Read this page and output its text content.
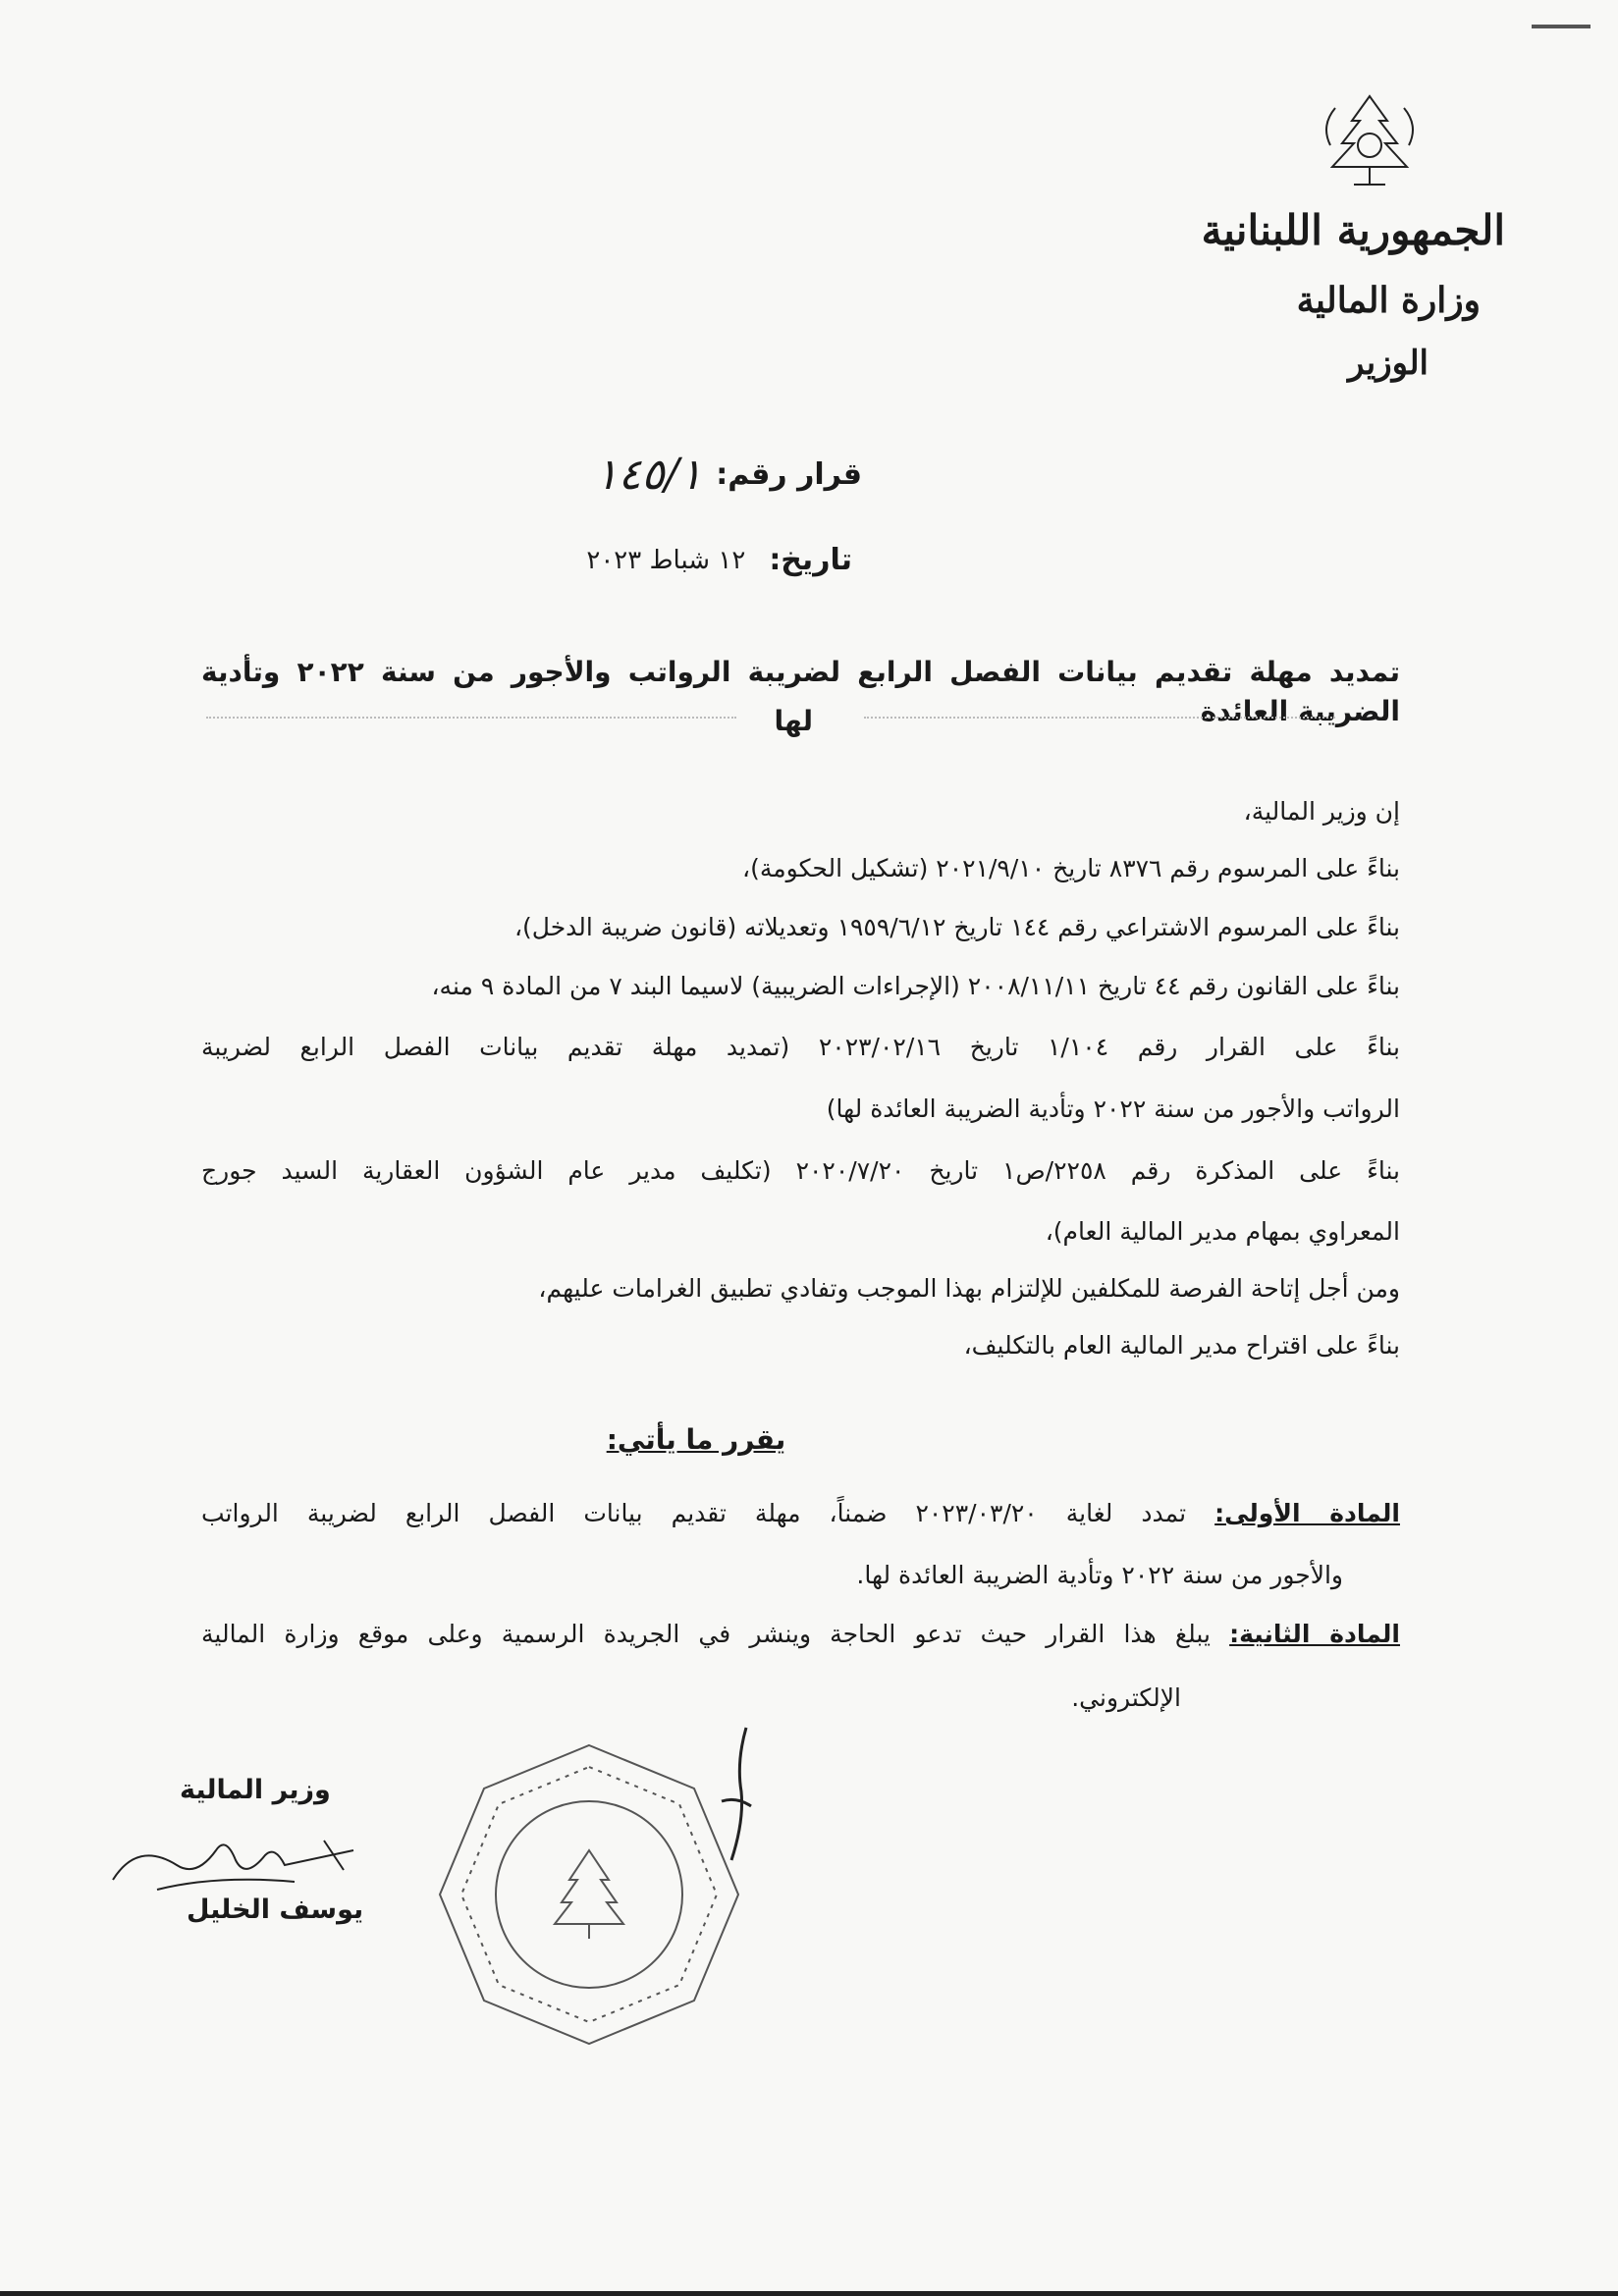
الجمهورية اللبنانية
وزارة المالية
الوزير
قرار رقم:
١٤٥/١
تاريخ:
١٢ شباط ٢٠٢٣
تمديد مهلة تقديم بيانات الفصل الرابع لضريبة الرواتب والأجور من سنة ٢٠٢٢ وتأدية الضريبة العائدة
لها
إن وزير المالية،
بناءً على المرسوم رقم ٨٣٧٦ تاريخ ٢٠٢١/٩/١٠ (تشكيل الحكومة)،
بناءً على المرسوم الاشتراعي رقم ١٤٤ تاريخ ١٩٥٩/٦/١٢ وتعديلاته (قانون ضريبة الدخل)،
بناءً على القانون رقم ٤٤ تاريخ ٢٠٠٨/١١/١١ (الإجراءات الضريبية) لاسيما البند ٧ من المادة ٩ منه،
بناءً على القرار رقم ١/١٠٤ تاريخ ٢٠٢٣/٠٢/١٦ (تمديد مهلة تقديم بيانات الفصل الرابع لضريبة
الرواتب والأجور من سنة ٢٠٢٢ وتأدية الضريبة العائدة لها)
بناءً على المذكرة رقم ٢٢٥٨/ص١ تاريخ ٢٠٢٠/٧/٢٠ (تكليف مدير عام الشؤون العقارية السيد جورج
المعراوي بمهام مدير المالية العام)،
ومن أجل إتاحة الفرصة للمكلفين للإلتزام بهذا الموجب وتفادي تطبيق الغرامات عليهم،
بناءً على اقتراح مدير المالية العام بالتكليف،
يقرر ما يأتي:
المادة الأولى: تمدد لغاية ٢٠٢٣/٠٣/٢٠ ضمناً، مهلة تقديم بيانات الفصل الرابع لضريبة الرواتب
والأجور من سنة ٢٠٢٢ وتأدية الضريبة العائدة لها.
المادة الثانية: يبلغ هذا القرار حيث تدعو الحاجة وينشر في الجريدة الرسمية وعلى موقع وزارة المالية
الإلكتروني.
وزير المالية
يوسف الخليل
